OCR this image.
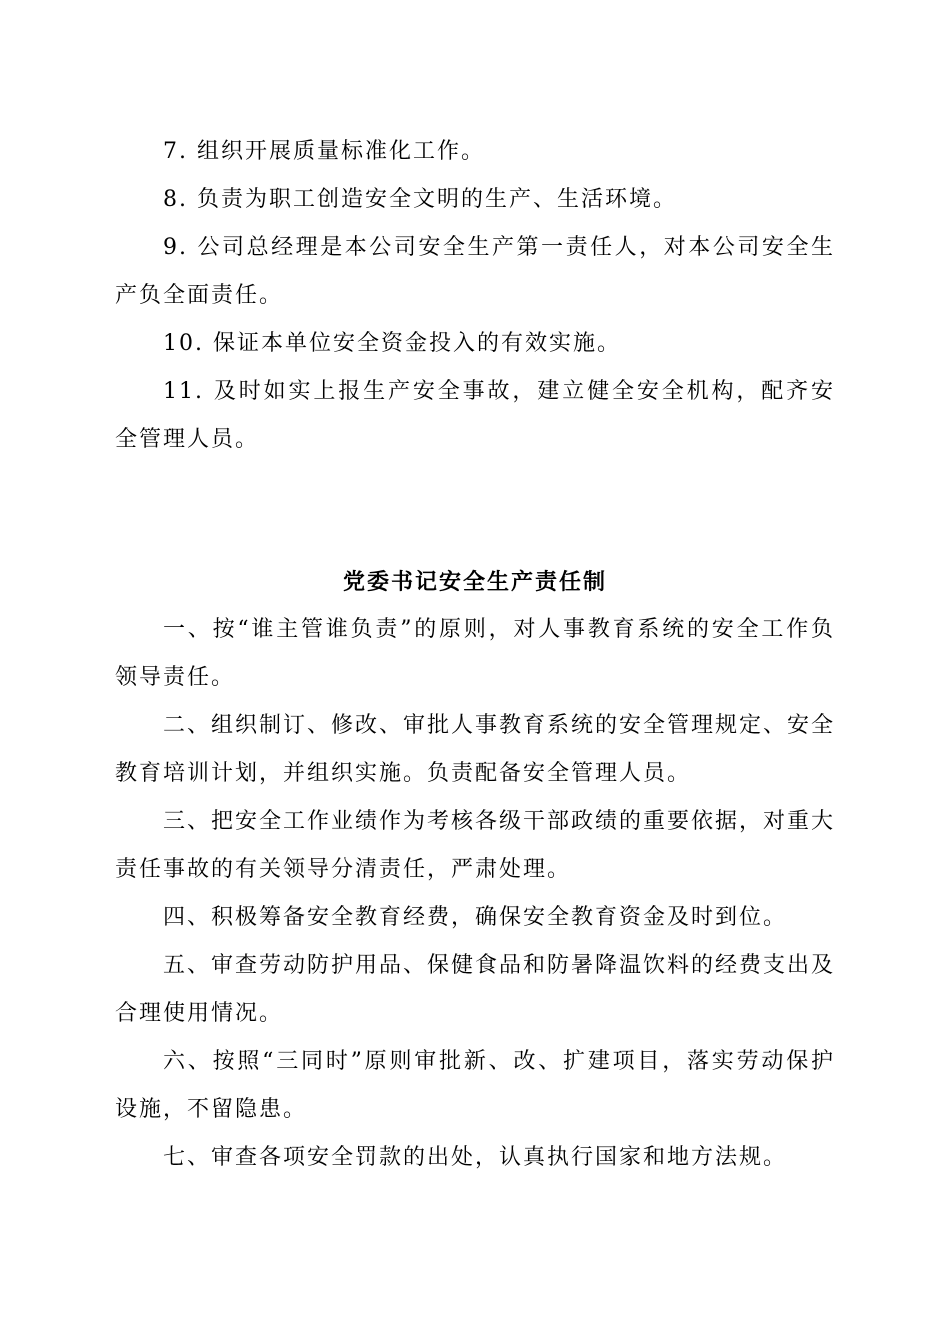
7. 组织开展质量标准化工作。

8. 负责为职工创造安全文明的生产、生活环境。

9. 公司总经理是本公司安全生产第一责任人，对本公司安全生产负全面责任。

10. 保证本单位安全资金投入的有效实施。

11. 及时如实上报生产安全事故，建立健全安全机构，配齐安全管理人员。

党委书记安全生产责任制

一、按“谁主管谁负责”的原则，对人事教育系统的安全工作负领导责任。

二、组织制订、修改、审批人事教育系统的安全管理规定、安全教育培训计划，并组织实施。负责配备安全管理人员。

三、把安全工作业绩作为考核各级干部政绩的重要依据，对重大责任事故的有关领导分清责任，严肃处理。

四、积极筹备安全教育经费，确保安全教育资金及时到位。

五、审查劳动防护用品、保健食品和防暑降温饮料的经费支出及合理使用情况。

六、按照“三同时”原则审批新、改、扩建项目，落实劳动保护设施，不留隐患。

七、审查各项安全罚款的出处，认真执行国家和地方法规。
